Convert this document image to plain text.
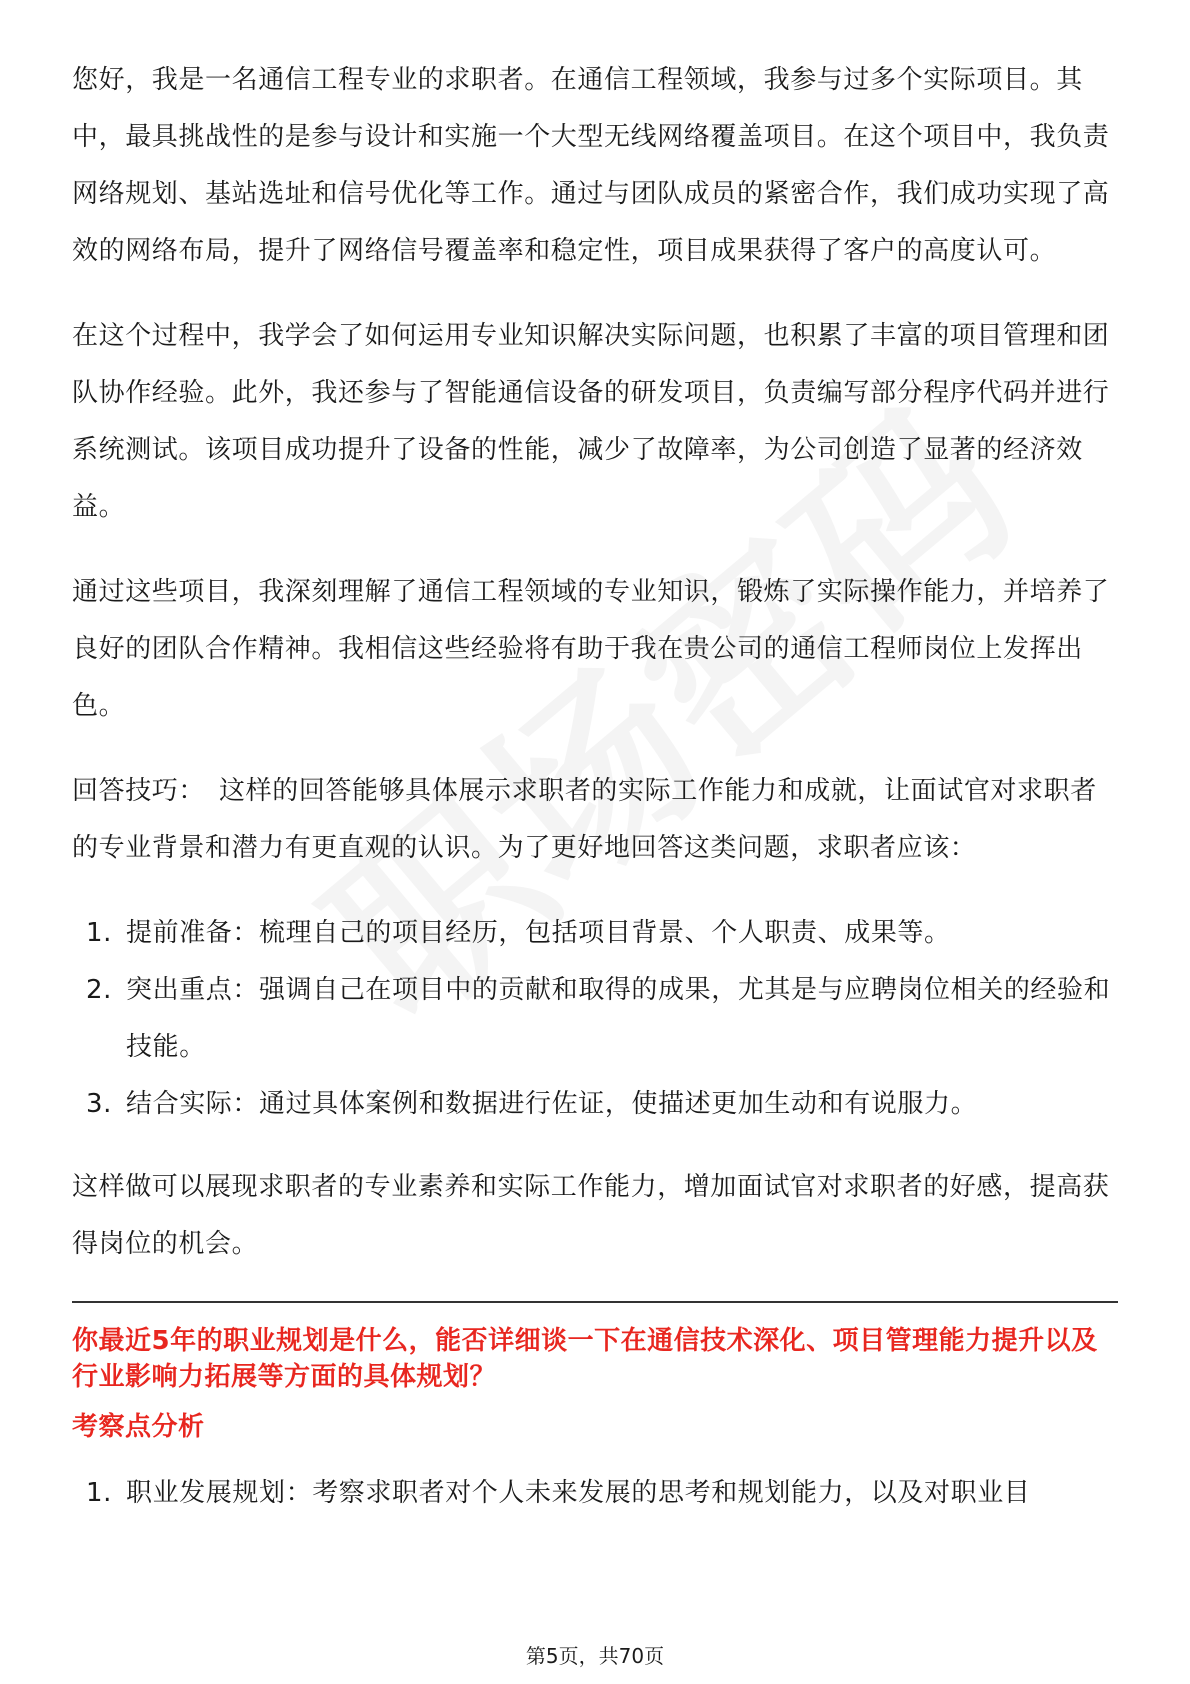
您好，我是一名通信工程专业的求职者。在通信工程领域，我参与过多个实际项目。其中，最具挑战性的是参与设计和实施一个大型无线网络覆盖项目。在这个项目中，我负责网络规划、基站选址和信号优化等工作。通过与团队成员的紧密合作，我们成功实现了高效的网络布局，提升了网络信号覆盖率和稳定性，项目成果获得了客户的高度认可。

在这个过程中，我学会了如何运用专业知识解决实际问题，也积累了丰富的项目管理和团队协作经验。此外，我还参与了智能通信设备的研发项目，负责编写部分程序代码并进行系统测试。该项目成功提升了设备的性能，减少了故障率，为公司创造了显著的经济效益。

通过这些项目，我深刻理解了通信工程领域的专业知识，锻炼了实际操作能力，并培养了良好的团队合作精神。我相信这些经验将有助于我在贵公司的通信工程师岗位上发挥出色。

回答技巧： 这样的回答能够具体展示求职者的实际工作能力和成就，让面试官对求职者的专业背景和潜力有更直观的认识。为了更好地回答这类问题，求职者应该：

1. 提前准备：梳理自己的项目经历，包括项目背景、个人职责、成果等。
2. 突出重点：强调自己在项目中的贡献和取得的成果，尤其是与应聘岗位相关的经验和技能。
3. 结合实际：通过具体案例和数据进行佐证，使描述更加生动和有说服力。

这样做可以展现求职者的专业素养和实际工作能力，增加面试官对求职者的好感，提高获得岗位的机会。

你最近5年的职业规划是什么，能否详细谈一下在通信技术深化、项目管理能力提升以及行业影响力拓展等方面的具体规划？
考察点分析
1. 职业发展规划：考察求职者对个人未来发展的思考和规划能力，以及对职业目
第5页，共70页
